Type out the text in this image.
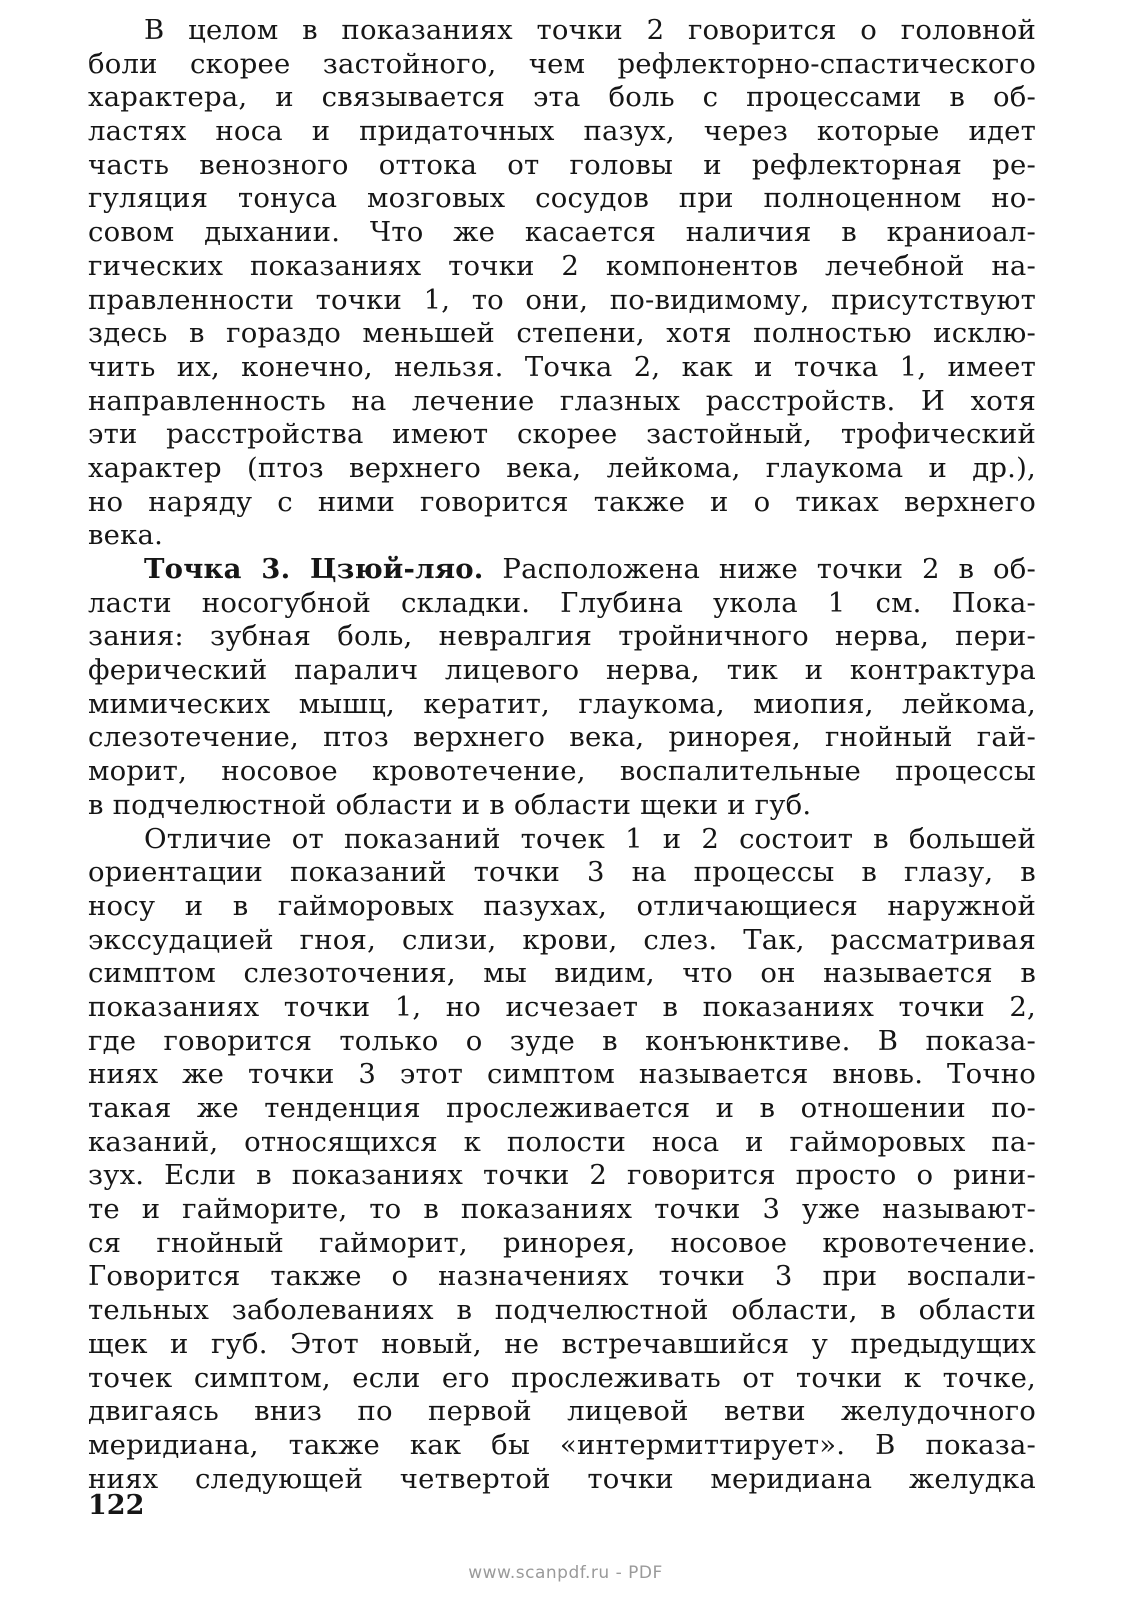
В целом в показаниях точки 2 говорится о головной
боли скорее застойного, чем рефлекторно-спастического
характера, и связывается эта боль с процессами в об-
ластях носа и придаточных пазух, через которые идет
часть венозного оттока от головы и рефлекторная ре-
гуляция тонуса мозговых сосудов при полноценном но-
совом дыхании. Что же касается наличия в краниоал-
гических показаниях точки 2 компонентов лечебной на-
правленности точки 1, то они, по-видимому, присутствуют
здесь в гораздо меньшей степени, хотя полностью исклю-
чить их, конечно, нельзя. Точка 2, как и точка 1, имеет
направленность на лечение глазных расстройств. И хотя
эти расстройства имеют скорее застойный, трофический
характер (птоз верхнего века, лейкома, глаукома и др.),
но наряду с ними говорится также и о тиках верхнего
века.
Точка 3. Цзюй-ляо. Расположена ниже точки 2 в об-
ласти носогубной складки. Глубина укола 1 см. Пока-
зания: зубная боль, невралгия тройничного нерва, пери-
ферический паралич лицевого нерва, тик и контрактура
мимических мышц, кератит, глаукома, миопия, лейкома,
слезотечение, птоз верхнего века, ринорея, гнойный гай-
морит, носовое кровотечение, воспалительные процессы
в подчелюстной области и в области щеки и губ.
Отличие от показаний точек 1 и 2 состоит в большей
ориентации показаний точки 3 на процессы в глазу, в
носу и в гайморовых пазухах, отличающиеся наружной
экссудацией гноя, слизи, крови, слез. Так, рассматривая
симптом слезоточения, мы видим, что он называется в
показаниях точки 1, но исчезает в показаниях точки 2,
где говорится только о зуде в конъюнктиве. В показа-
ниях же точки 3 этот симптом называется вновь. Точно
такая же тенденция прослеживается и в отношении по-
казаний, относящихся к полости носа и гайморовых па-
зух. Если в показаниях точки 2 говорится просто о рини-
те и гайморите, то в показаниях точки 3 уже называют-
ся гнойный гайморит, ринорея, носовое кровотечение.
Говорится также о назначениях точки 3 при воспали-
тельных заболеваниях в подчелюстной области, в области
щек и губ. Этот новый, не встречавшийся у предыдущих
точек симптом, если его прослеживать от точки к точке,
двигаясь вниз по первой лицевой ветви желудочного
меридиана, также как бы «интермиттирует». В показа-
ниях следующей четвертой точки меридиана желудка
122
www.scanpdf.ru - PDF
